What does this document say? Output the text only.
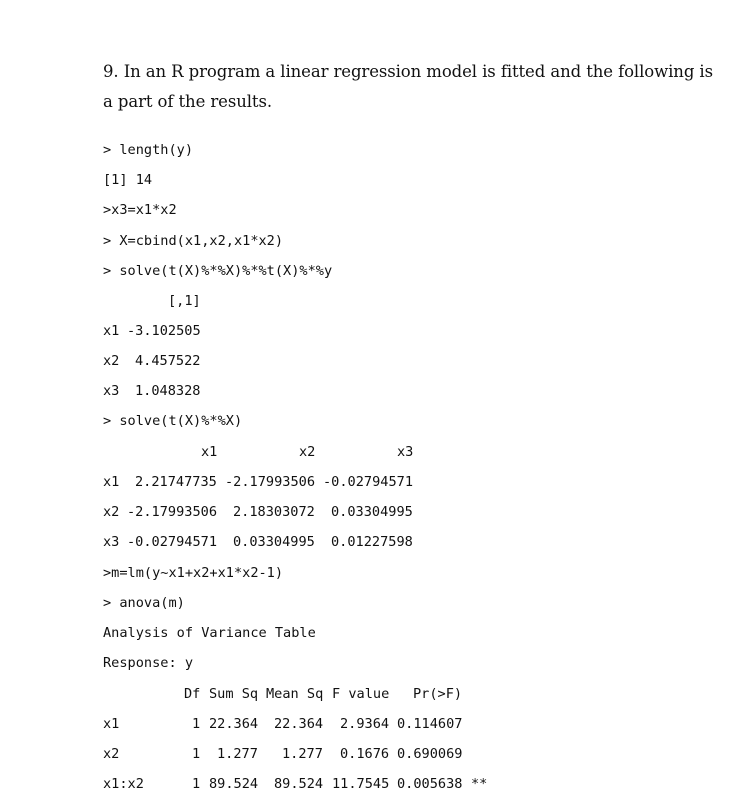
9. In an R program a linear regression model is fitted and the following is
a part of the results.
> length(y)
[1] 14
>x3=x1*x2
> X=cbind(x1,x2,x1*x2)
> solve(t(X)%*%X)%*%t(X)%*%y
[,1]
x1 -3.102505
x2 4.457522
x3 1.048328
> solve(t(X)%*%X)
x1	x2	x3
x1 2.21747735 -2.17993506 -0.02794571
x2 -2.17993506 2.18303072 0.03304995
x3 -0.02794571 0.03304995 0.01227598
>m=lm(y~x1+x2+x1*x2-1)
> anova(m)
Analysis of Variance Table
Response: y
Df Sum Sq Mean Sq F value Pr(>F)
x1	1 22.364 22.364 2.9364 0.114607
x2	1 1.277 1.277 0.1676 0.690069
x1:x2	1 89.524 89.524 11.7545 0.005638 **
